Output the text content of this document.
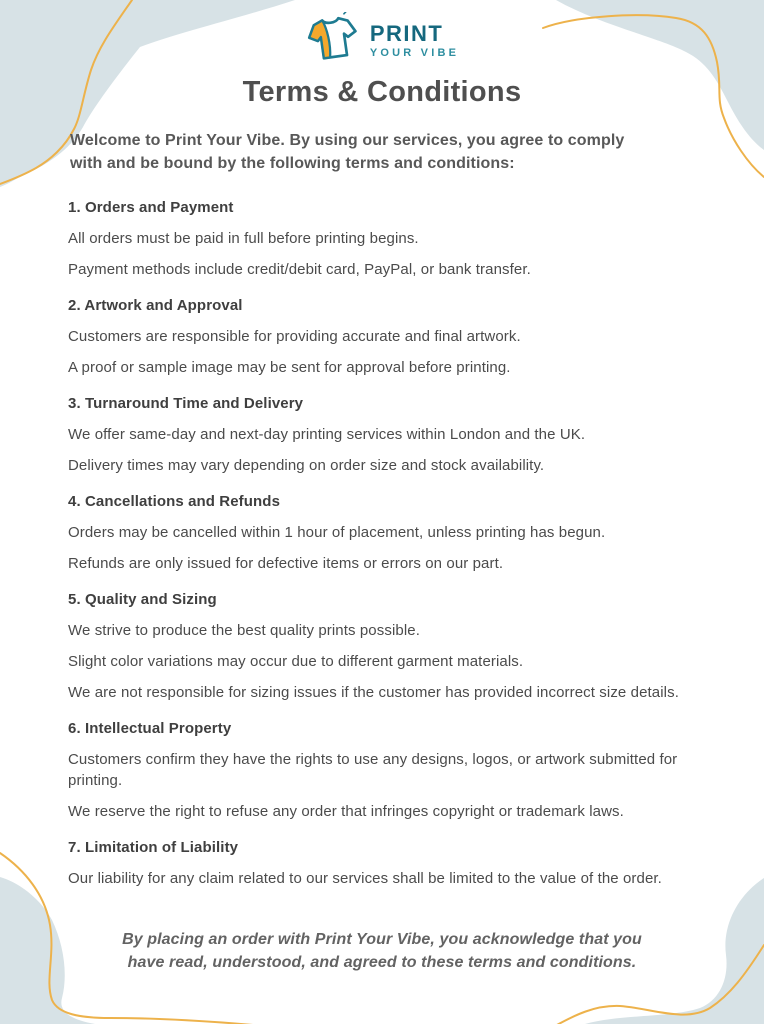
PRINT
YOUR VIBE
Terms & Conditions

Welcome to Print Your Vibe. By using our services, you agree to comply with and be bound by the following terms and conditions:

1. Orders and Payment

All orders must be paid in full before printing begins.

Payment methods include credit/debit card, PayPal, or bank transfer.

2. Artwork and Approval

Customers are responsible for providing accurate and final artwork.

A proof or sample image may be sent for approval before printing.

3. Turnaround Time and Delivery

We offer same-day and next-day printing services within London and the UK.

Delivery times may vary depending on order size and stock availability.

4. Cancellations and Refunds

Orders may be cancelled within 1 hour of placement, unless printing has begun.

Refunds are only issued for defective items or errors on our part.

5. Quality and Sizing

We strive to produce the best quality prints possible.

Slight color variations may occur due to different garment materials.

We are not responsible for sizing issues if the customer has provided incorrect size details.

6. Intellectual Property

Customers confirm they have the rights to use any designs, logos, or artwork submitted for printing.

We reserve the right to refuse any order that infringes copyright or trademark laws.

7. Limitation of Liability

Our liability for any claim related to our services shall be limited to the value of the order.

By placing an order with Print Your Vibe, you acknowledge that you have read, understood, and agreed to these terms and conditions.
